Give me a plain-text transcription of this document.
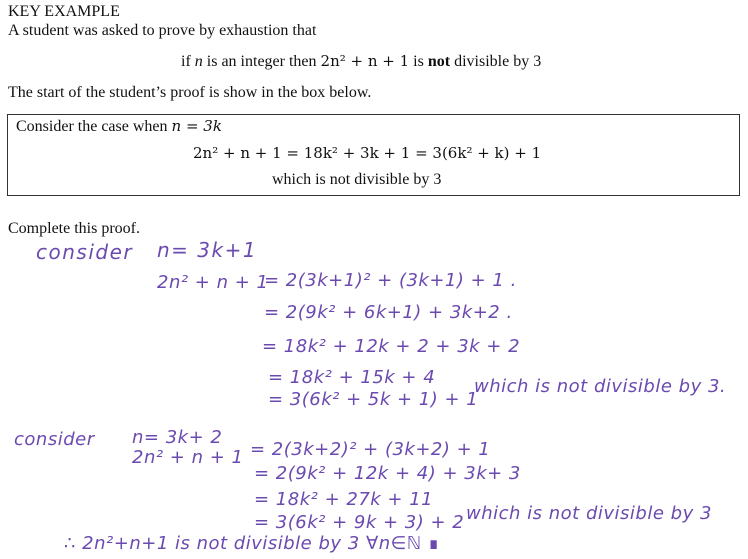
KEY EXAMPLE
A student was asked to prove by exhaustion that
if n is an integer then 2n² + n + 1 is not divisible by 3
The start of the student’s proof is show in the box below.
Consider the case when n = 3k
2n² + n + 1 = 18k² + 3k + 1 = 3(6k² + k) + 1
which is not divisible by 3
Complete this proof.
consider n= 3k+1
2n² + n + 1
= 2(3k+1)² + (3k+1) + 1 .
= 2(9k² + 6k+1) + 3k+2 .
= 18k² + 12k + 2 + 3k + 2
= 18k² + 15k + 4
= 3(6k² + 5k + 1) + 1
which is not divisible by 3.
consider n= 3k+ 2
2n² + n + 1 = 2(3k+2)² + (3k+2) + 1
= 2(9k² + 12k + 4) + 3k+ 3
= 18k² + 27k + 11
= 3(6k² + 9k + 3) + 2 which is not divisible by 3
∴ 2n²+n+1 is not divisible by 3 ∀n∈ℕ ∎
